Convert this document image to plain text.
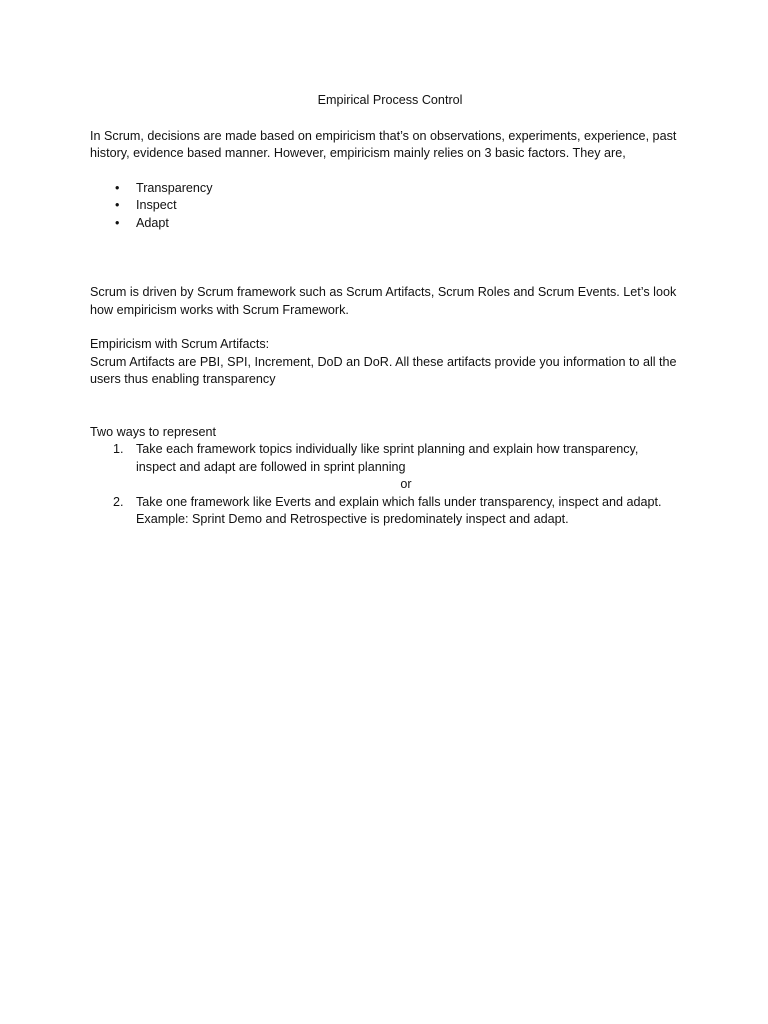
Empirical Process Control

In Scrum, decisions are made based on empiricism that’s on observations, experiments, experience, past

history, evidence based manner. However, empiricism mainly relies on 3 basic factors. They are,

• Transparency
• Inspect
• Adapt

Scrum is driven by Scrum framework such as Scrum Artifacts, Scrum Roles and Scrum Events. Let’s look

how empiricism works with Scrum Framework.

Empiricism with Scrum Artifacts:

Scrum Artifacts are PBI, SPI, Increment, DoD an DoR. All these artifacts provide you information to all the

users thus enabling transparency

Two ways to represent

1. Take each framework topics individually like sprint planning and explain how transparency,

inspect and adapt are followed in sprint planning

or

2. Take one framework like Everts and explain which falls under transparency, inspect and adapt.

Example: Sprint Demo and Retrospective is predominately inspect and adapt.
